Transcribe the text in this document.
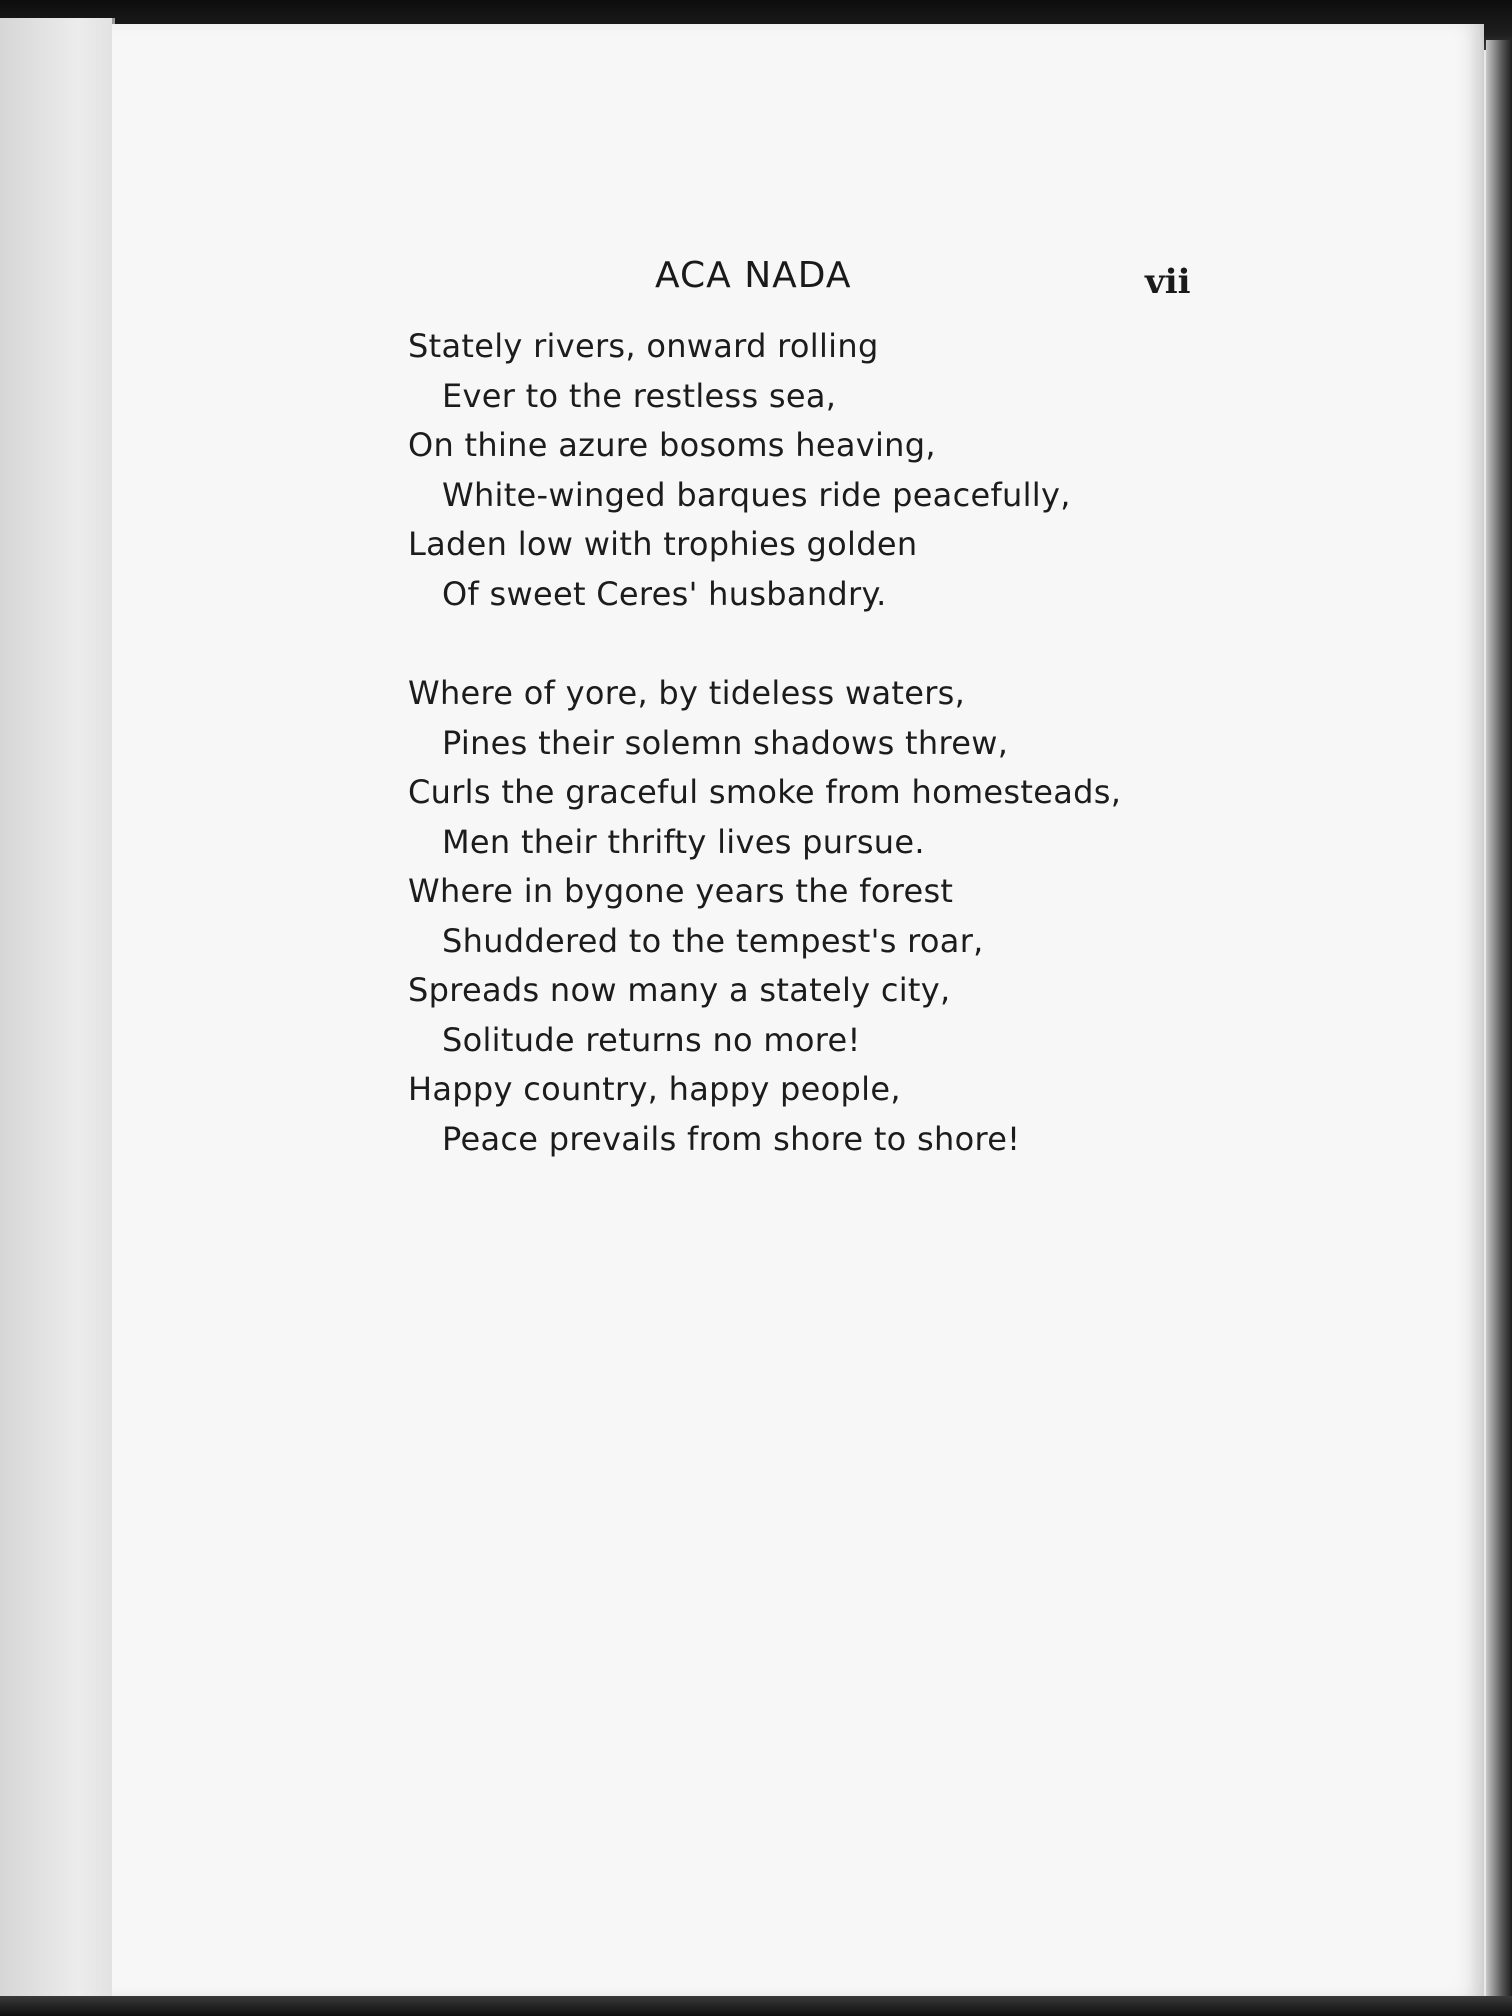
ACA NADA	vii
Stately rivers, onward rolling
Ever to the restless sea,
On thine azure bosoms heaving,
White-winged barques ride peacefully,
Laden low with trophies golden
Of sweet Ceres' husbandry.
Where of yore, by tideless waters,
Pines their solemn shadows threw,
Curls the graceful smoke from homesteads,
Men their thrifty lives pursue.
Where in bygone years the forest
Shuddered to the tempest's roar,
Spreads now many a stately city,
Solitude returns no more!
Happy country, happy people,
Peace prevails from shore to shore!
